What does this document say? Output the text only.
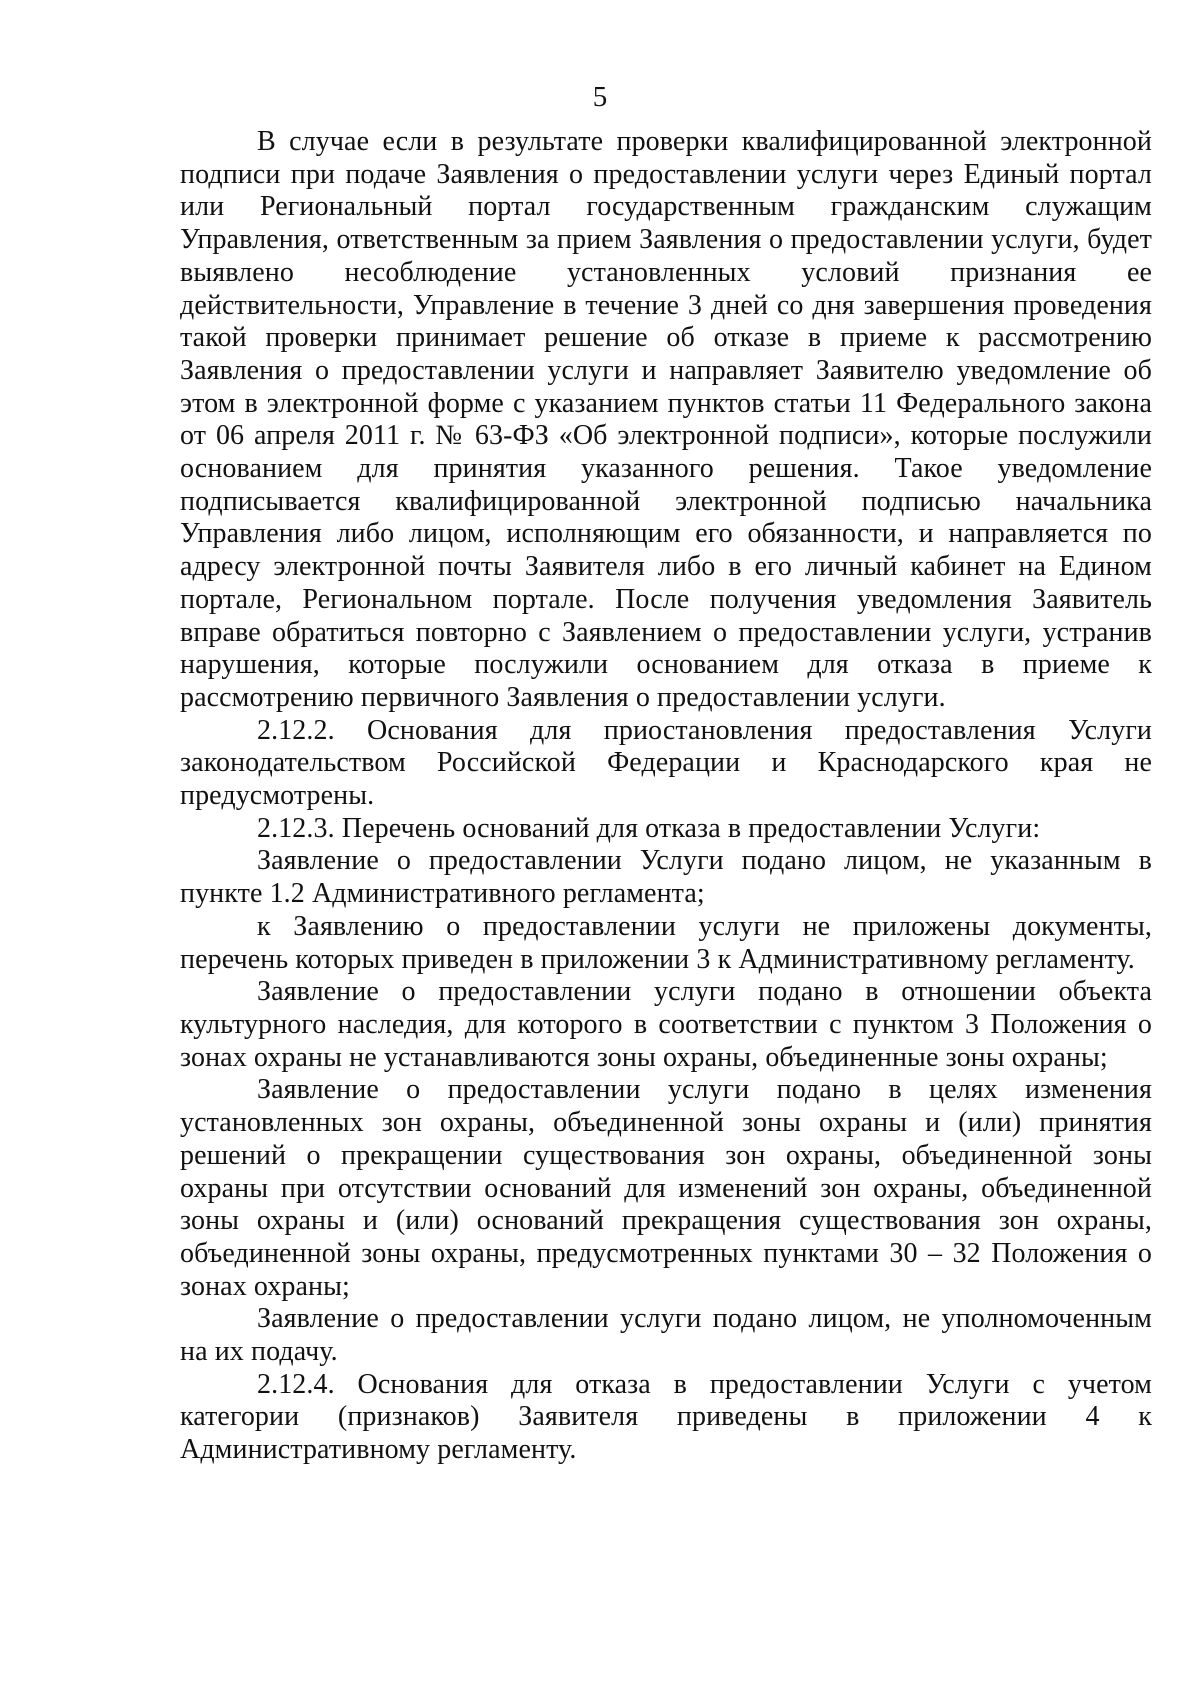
5

В случае если в результате проверки квалифицированной электронной подписи при подаче Заявления о предоставлении услуги через Единый портал или Региональный портал государственным гражданским служащим Управления, ответственным за прием Заявления о предоставлении услуги, будет выявлено несоблюдение установленных условий признания ее действительности, Управление в течение 3 дней со дня завершения проведения такой проверки принимает решение об отказе в приеме к рассмотрению Заявления о предоставлении услуги и направляет Заявителю уведомление об этом в электронной форме с указанием пунктов статьи 11 Федерального закона от 06 апреля 2011 г. № 63-ФЗ «Об электронной подписи», которые послужили основанием для принятия указанного решения. Такое уведомление подписывается квалифицированной электронной подписью начальника Управления либо лицом, исполняющим его обязанности, и направляется по адресу электронной почты Заявителя либо в его личный кабинет на Едином портале, Региональном портале. После получения уведомления Заявитель вправе обратиться повторно с Заявлением о предоставлении услуги, устранив нарушения, которые послужили основанием для отказа в приеме к рассмотрению первичного Заявления о предоставлении услуги.

2.12.2. Основания для приостановления предоставления Услуги законодательством Российской Федерации и Краснодарского края не предусмотрены.

2.12.3. Перечень оснований для отказа в предоставлении Услуги:

Заявление о предоставлении Услуги подано лицом, не указанным в пункте 1.2 Административного регламента;

к Заявлению о предоставлении услуги не приложены документы, перечень которых приведен в приложении 3 к Административному регламенту.

Заявление о предоставлении услуги подано в отношении объекта культурного наследия, для которого в соответствии с пунктом 3 Положения о зонах охраны не устанавливаются зоны охраны, объединенные зоны охраны;

Заявление о предоставлении услуги подано в целях изменения установленных зон охраны, объединенной зоны охраны и (или) принятия решений о прекращении существования зон охраны, объединенной зоны охраны при отсутствии оснований для изменений зон охраны, объединенной зоны охраны и (или) оснований прекращения существования зон охраны, объединенной зоны охраны, предусмотренных пунктами 30 – 32 Положения о зонах охраны;

Заявление о предоставлении услуги подано лицом, не уполномоченным на их подачу.

2.12.4. Основания для отказа в предоставлении Услуги с учетом категории (признаков) Заявителя приведены в приложении 4 к Административному регламенту.
